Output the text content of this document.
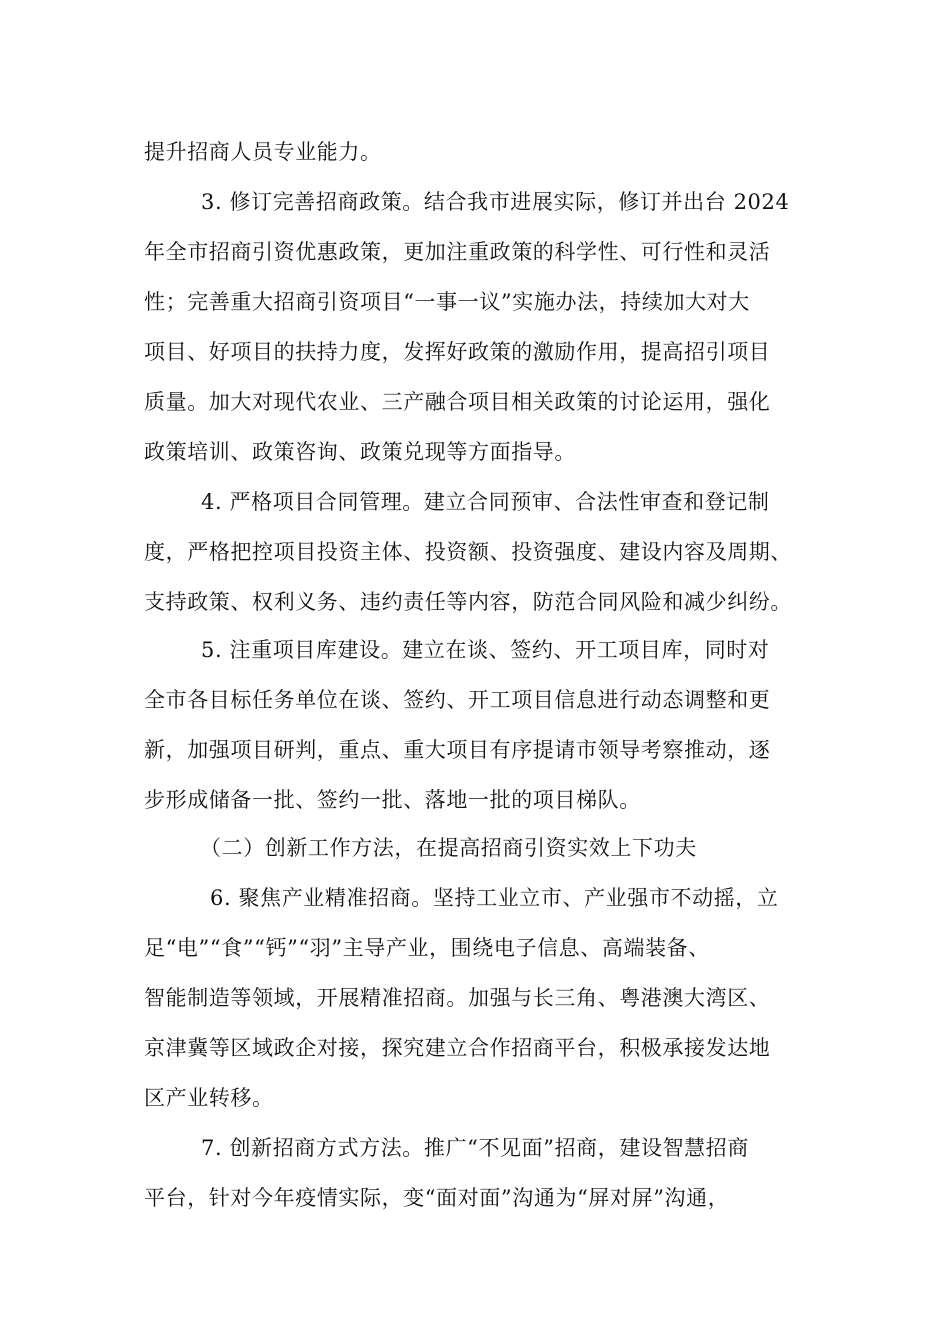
提升招商人员专业能力。
3. 修订完善招商政策。结合我市进展实际，修订并出台 2024
年全市招商引资优惠政策，更加注重政策的科学性、可行性和灵活
性；完善重大招商引资项目“一事一议”实施办法，持续加大对大
项目、好项目的扶持力度，发挥好政策的激励作用，提高招引项目
质量。加大对现代农业、三产融合项目相关政策的讨论运用，强化
政策培训、政策咨询、政策兑现等方面指导。
4. 严格项目合同管理。建立合同预审、合法性审查和登记制
度，严格把控项目投资主体、投资额、投资强度、建设内容及周期、
支持政策、权利义务、违约责任等内容，防范合同风险和减少纠纷。
5. 注重项目库建设。建立在谈、签约、开工项目库，同时对
全市各目标任务单位在谈、签约、开工项目信息进行动态调整和更
新，加强项目研判，重点、重大项目有序提请市领导考察推动，逐
步形成储备一批、签约一批、落地一批的项目梯队。
（二）创新工作方法，在提高招商引资实效上下功夫
6. 聚焦产业精准招商。坚持工业立市、产业强市不动摇，立
足“电”“食”“钙”“羽”主导产业，围绕电子信息、高端装备、
智能制造等领域，开展精准招商。加强与长三角、粤港澳大湾区、
京津冀等区域政企对接，探究建立合作招商平台，积极承接发达地
区产业转移。
7. 创新招商方式方法。推广“不见面”招商，建设智慧招商
平台，针对今年疫情实际，变“面对面”沟通为“屏对屏”沟通，
